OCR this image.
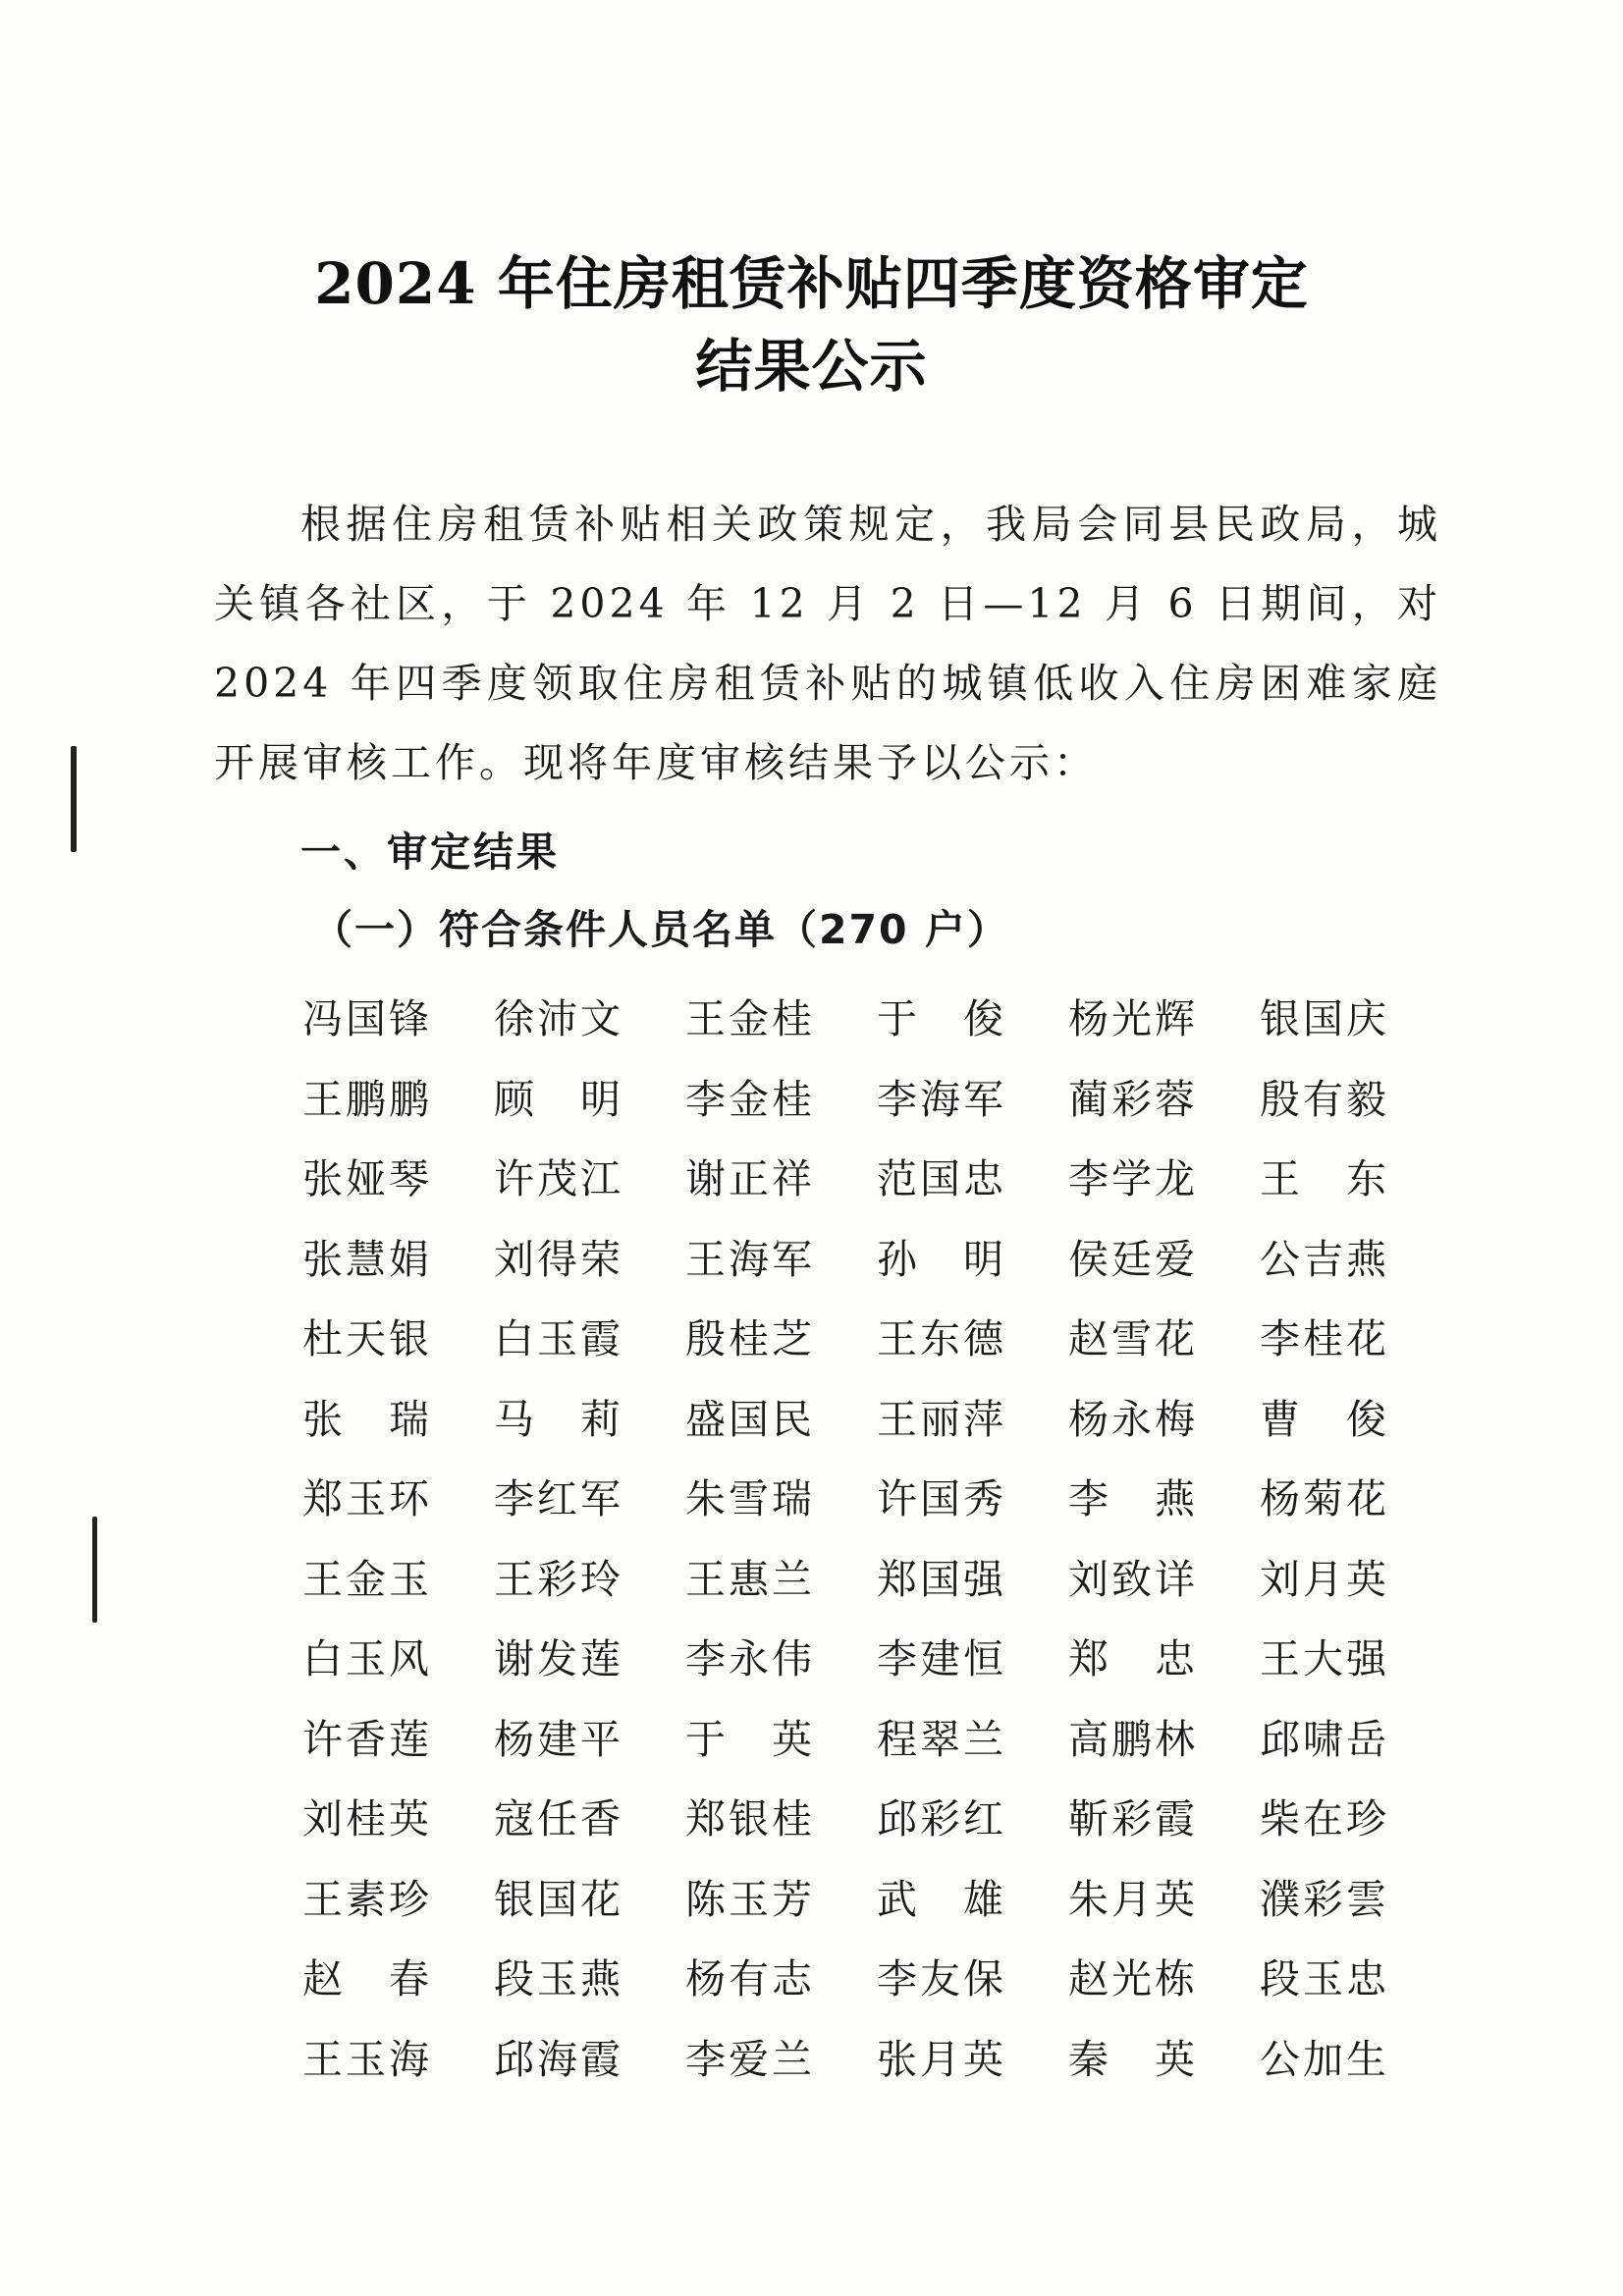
2024 年住房租赁补贴四季度资格审定
结果公示
根据住房租赁补贴相关政策规定，我局会同县民政局，城关镇各社区，于 2024 年 12 月 2 日—12 月 6 日期间，对 2024 年四季度领取住房租赁补贴的城镇低收入住房困难家庭开展审核工作。现将年度审核结果予以公示：
一、审定结果
（一）符合条件人员名单（270 户）
冯国锋	徐沛文	王金桂	于　俊	杨光辉	银国庆
王鹏鹏	顾　明	李金桂	李海军	蔺彩蓉	殷有毅
张娅琴	许茂江	谢正祥	范国忠	李学龙	王　东
张慧娟	刘得荣	王海军	孙　明	侯廷爱	公吉燕
杜天银	白玉霞	殷桂芝	王东德	赵雪花	李桂花
张　瑞	马　莉	盛国民	王丽萍	杨永梅	曹　俊
郑玉环	李红军	朱雪瑞	许国秀	李　燕	杨菊花
王金玉	王彩玲	王惠兰	郑国强	刘致详	刘月英
白玉风	谢发莲	李永伟	李建恒	郑　忠	王大强
许香莲	杨建平	于　英	程翠兰	高鹏林	邱啸岳
刘桂英	寇任香	郑银桂	邱彩红	靳彩霞	柴在珍
王素珍	银国花	陈玉芳	武　雄	朱月英	濮彩雲
赵　春	段玉燕	杨有志	李友保	赵光栋	段玉忠
王玉海	邱海霞	李爱兰	张月英	秦　英	公加生
